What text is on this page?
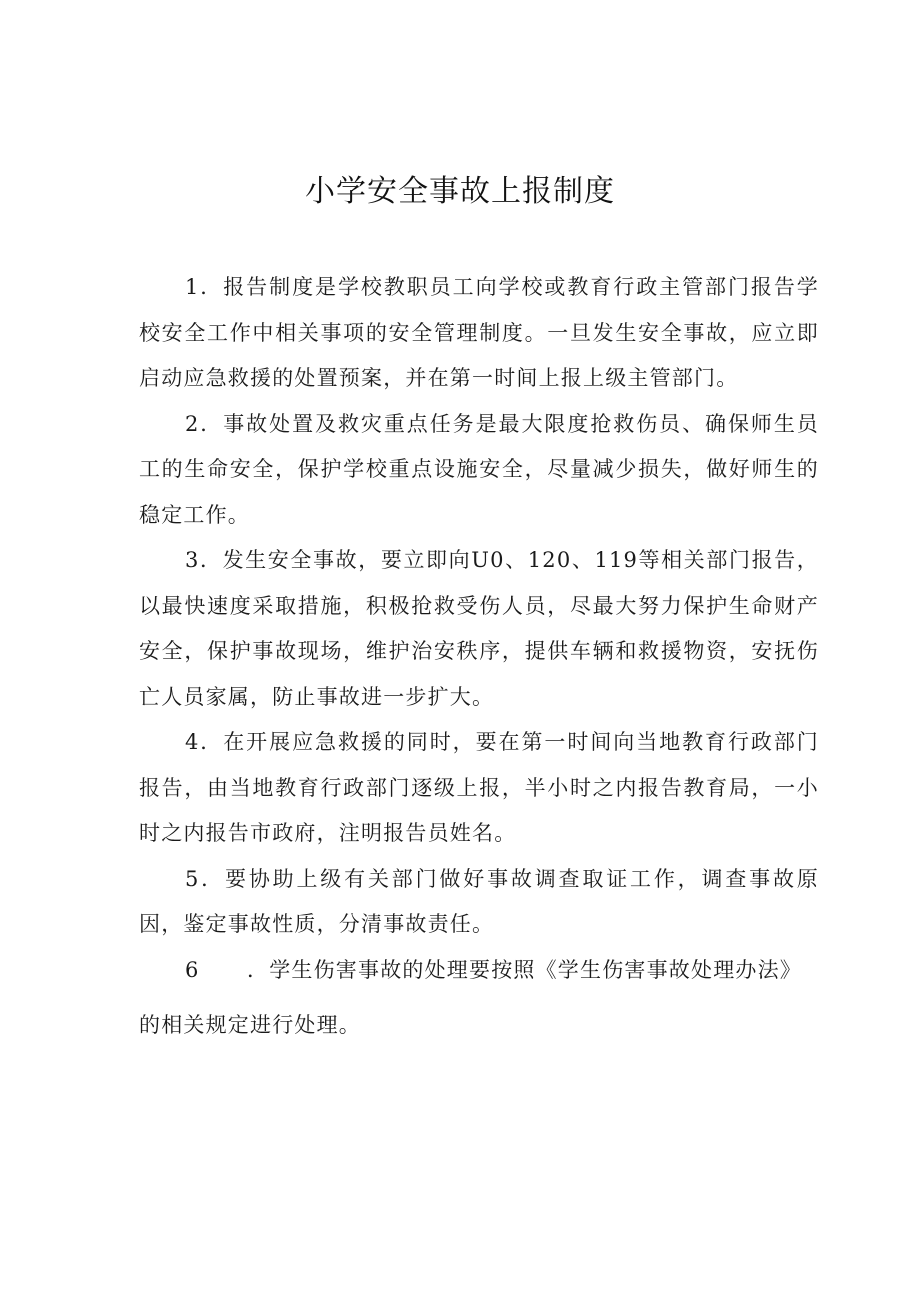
小学安全事故上报制度

1．报告制度是学校教职员工向学校或教育行政主管部门报告学校安全工作中相关事项的安全管理制度。一旦发生安全事故，应立即启动应急救援的处置预案，并在第一时间上报上级主管部门。

2．事故处置及救灾重点任务是最大限度抢救伤员、确保师生员工的生命安全，保护学校重点设施安全，尽量减少损失，做好师生的稳定工作。

3．发生安全事故，要立即向U0、120、119等相关部门报告，以最快速度采取措施，积极抢救受伤人员，尽最大努力保护生命财产安全，保护事故现场，维护治安秩序，提供车辆和救援物资，安抚伤亡人员家属，防止事故进一步扩大。

4．在开展应急救援的同时，要在第一时间向当地教育行政部门报告，由当地教育行政部门逐级上报，半小时之内报告教育局，一小时之内报告市政府，注明报告员姓名。

5．要协助上级有关部门做好事故调查取证工作，调查事故原因，鉴定事故性质，分清事故责任。

6 ．学生伤害事故的处理要按照《学生伤害事故处理办法》
的相关规定进行处理。
